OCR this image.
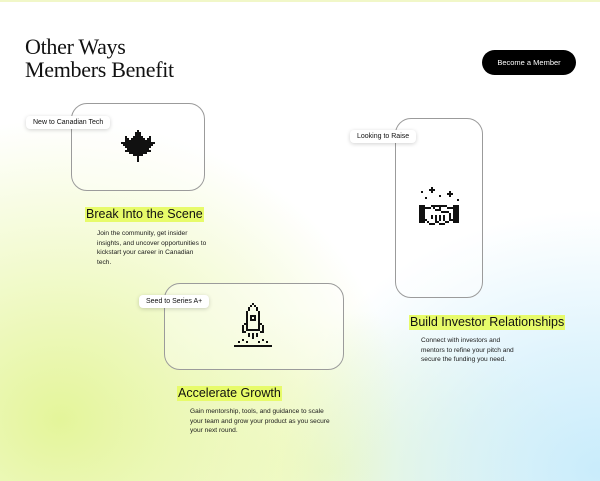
Other Ways
Members Benefit	Become a Member
New to Canadian Tech
Break Into the Scene

Join the community, get insider insights, and uncover opportunities to kickstart your career in Canadian tech.

Looking to Raise
Build Investor Relationships

Connect with investors and mentors to refine your pitch and secure the funding you need.

Seed to Series A+
Accelerate Growth

Gain mentorship, tools, and guidance to scale your team and grow your product as you secure your next round.
